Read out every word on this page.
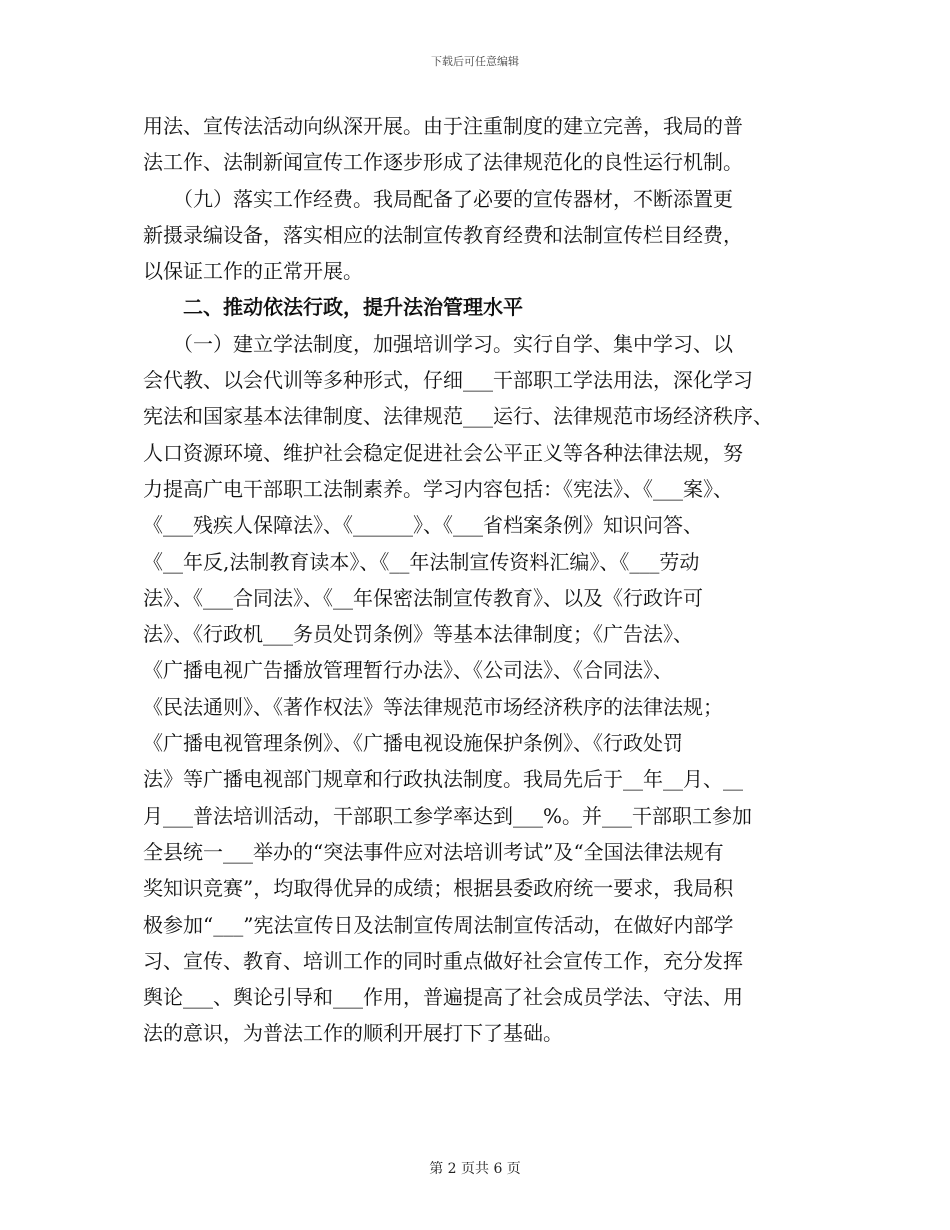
下载后可任意编辑
用法、宣传法活动向纵深开展。由于注重制度的建立完善，我局的普
法工作、法制新闻宣传工作逐步形成了法律规范化的良性运行机制。
　　（九）落实工作经费。我局配备了必要的宣传器材，不断添置更
新摄录编设备，落实相应的法制宣传教育经费和法制宣传栏目经费，
以保证工作的正常开展。
　　二、推动依法行政，提升法治管理水平
　　（一）建立学法制度，加强培训学习。实行自学、集中学习、以
会代教、以会代训等多种形式，仔细___干部职工学法用法，深化学习
宪法和国家基本法律制度、法律规范___运行、法律规范市场经济秩序、
人口资源环境、维护社会稳定促进社会公平正义等各种法律法规，努
力提高广电干部职工法制素养。学习内容包括：《宪法》、《___案》、
《___残疾人保障法》、《______》、《___省档案条例》知识问答、
《__年反,法制教育读本》、《__年法制宣传资料汇编》、《___劳动
法》、《___合同法》、《__年保密法制宣传教育》、以及《行政许可
法》、《行政机___务员处罚条例》等基本法律制度；《广告法》、
《广播电视广告播放管理暂行办法》、《公司法》、《合同法》、
《民法通则》、《著作权法》等法律规范市场经济秩序的法律法规；
《广播电视管理条例》、《广播电视设施保护条例》、《行政处罚
法》等广播电视部门规章和行政执法制度。我局先后于__年__月、__
月___普法培训活动，干部职工参学率达到___%。并___干部职工参加
全县统一___举办的“突法事件应对法培训考试”及“全国法律法规有
奖知识竞赛”，均取得优异的成绩；根据县委政府统一要求，我局积
极参加“___”宪法宣传日及法制宣传周法制宣传活动，在做好内部学
习、宣传、教育、培训工作的同时重点做好社会宣传工作，充分发挥
舆论___、舆论引导和___作用，普遍提高了社会成员学法、守法、用
法的意识，为普法工作的顺利开展打下了基础。
第 2 页共 6 页
